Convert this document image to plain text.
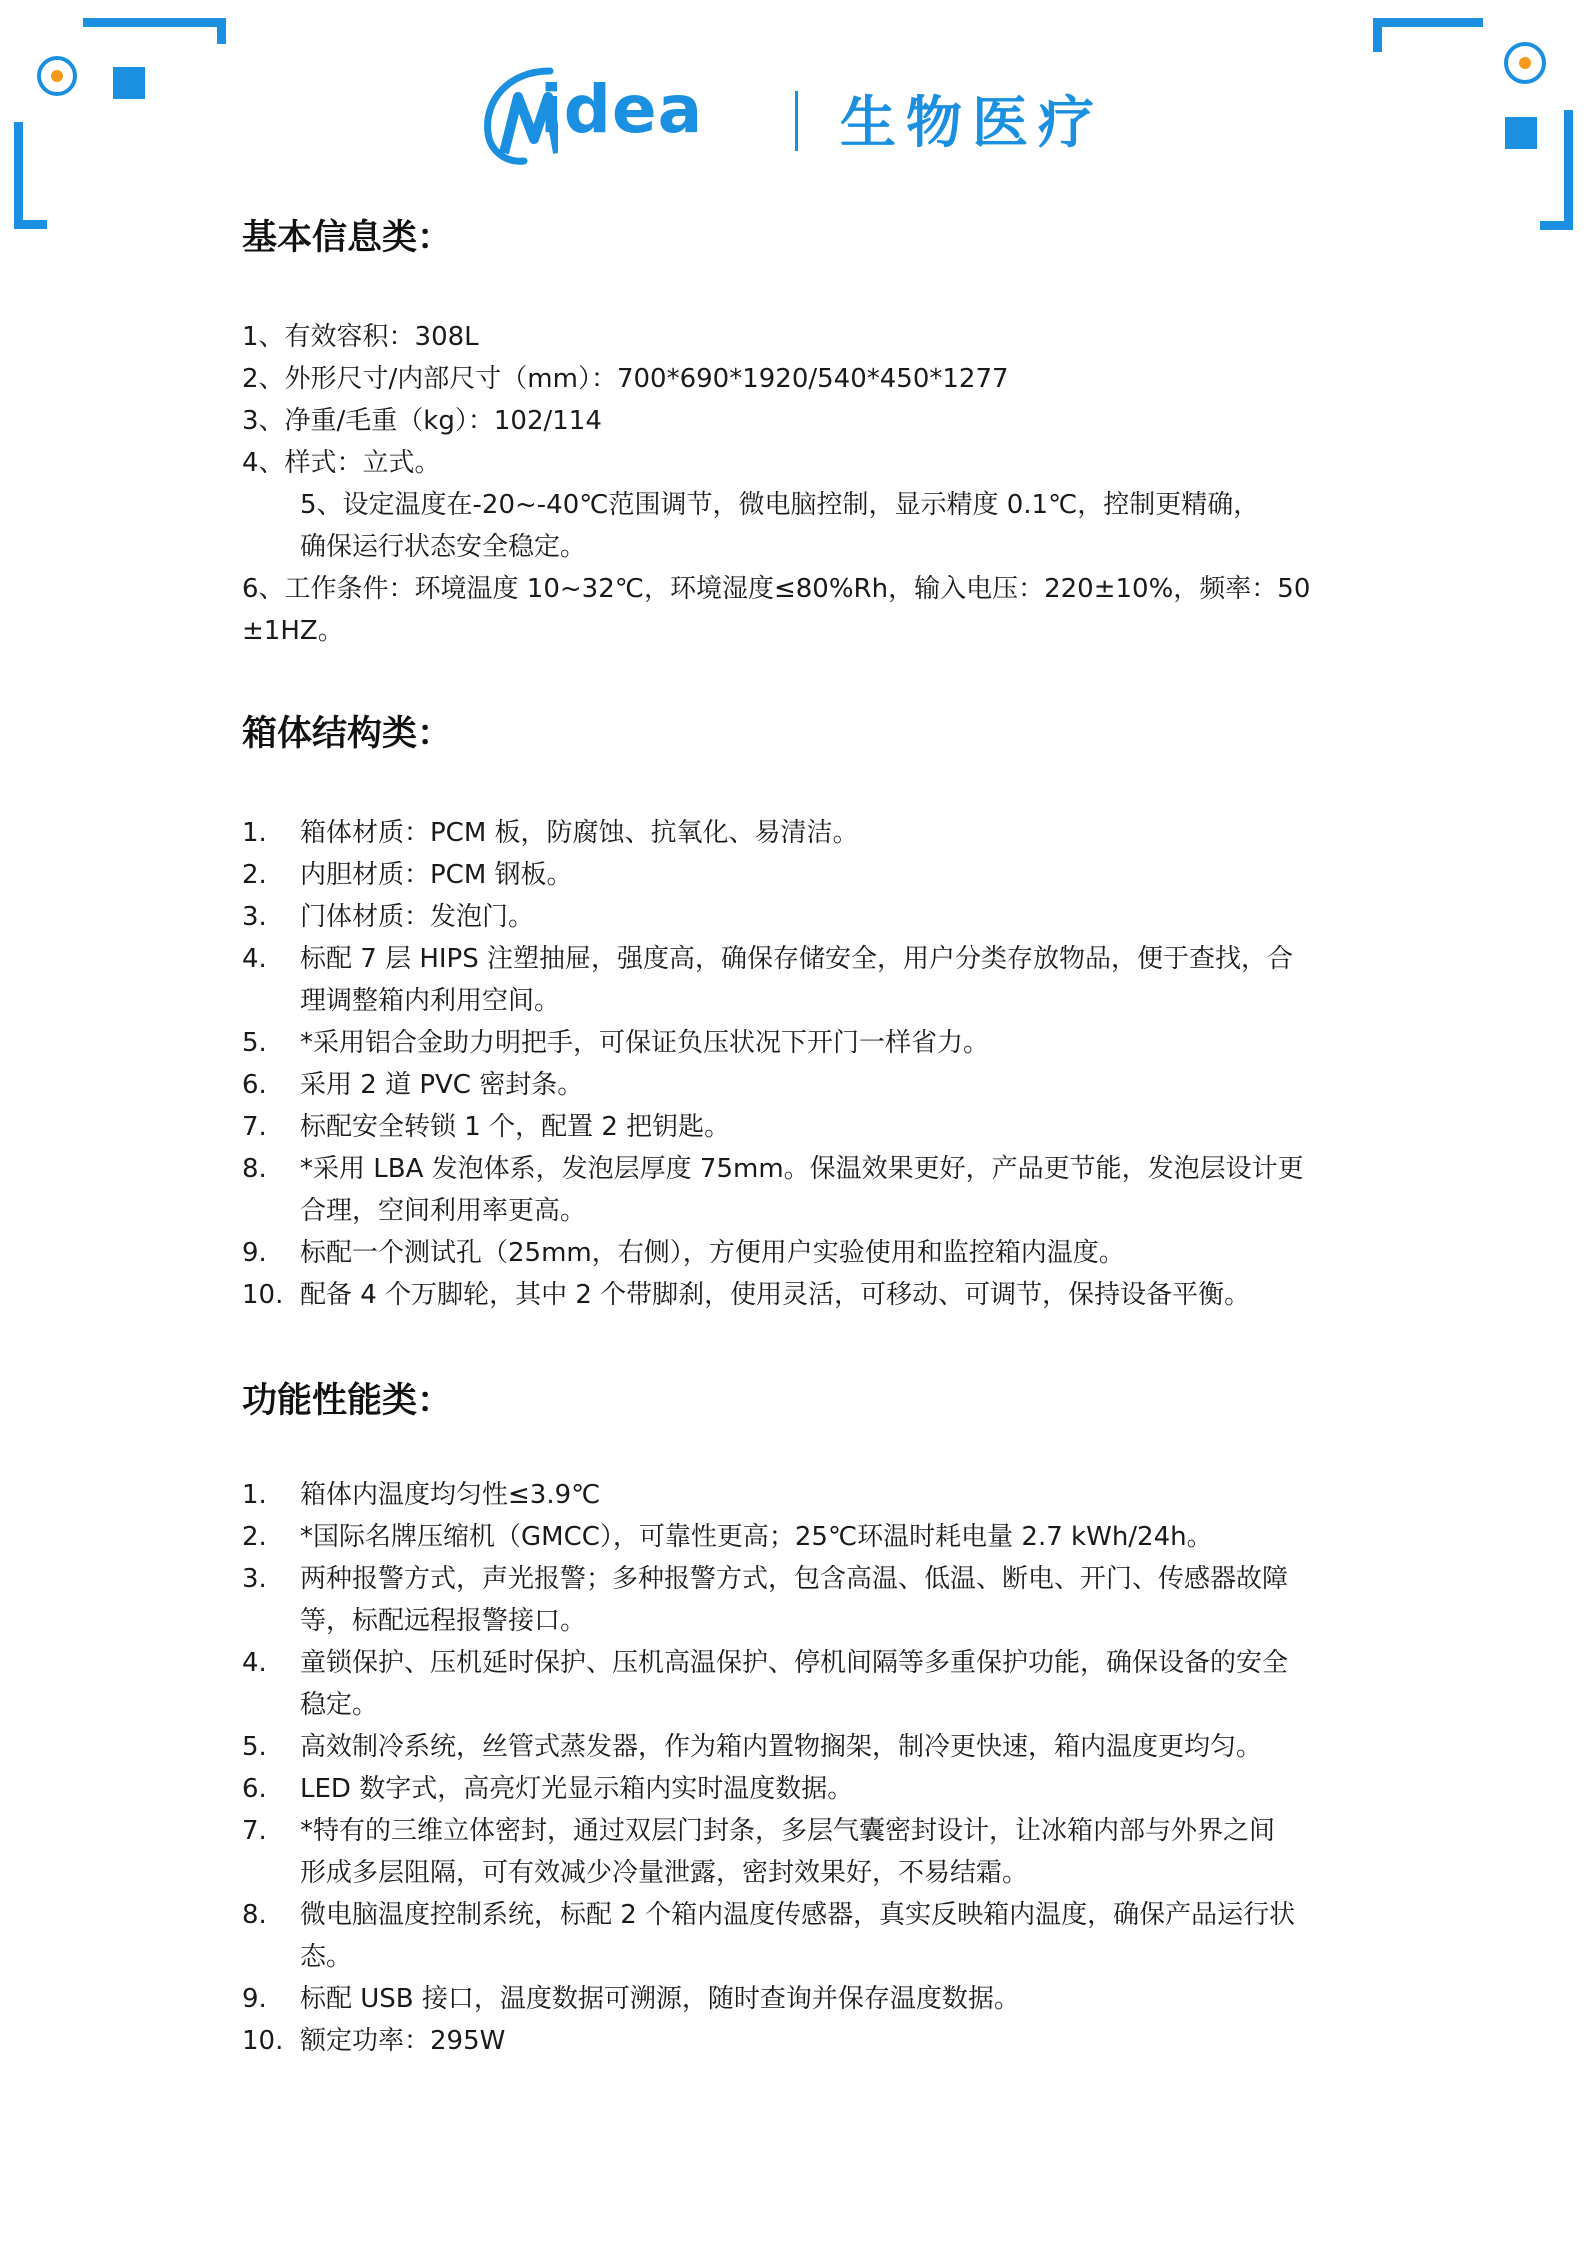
idea 生物医疗
基本信息类：
1、有效容积：308L
2、外形尺寸/内部尺寸（mm）：700*690*1920/540*450*1277
3、净重/毛重（kg）：102/114
4、样式：立式。
5、设定温度在-20~-40℃范围调节，微电脑控制，显示精度 0.1℃，控制更精确，
确保运行状态安全稳定。
6、工作条件：环境温度 10~32℃，环境湿度≤80%Rh，输入电压：220±10%，频率：50
±1HZ。
箱体结构类：
1.	箱体材质：PCM 板，防腐蚀、抗氧化、易清洁。
2.	内胆材质：PCM 钢板。
3.	门体材质：发泡门。
4.	标配 7 层 HIPS 注塑抽屉，强度高，确保存储安全，用户分类存放物品，便于查找，合
理调整箱内利用空间。
5.	*采用铝合金助力明把手，可保证负压状况下开门一样省力。
6.	采用 2 道 PVC 密封条。
7.	标配安全转锁 1 个，配置 2 把钥匙。
8.	*采用 LBA 发泡体系，发泡层厚度 75mm。保温效果更好，产品更节能，发泡层设计更
合理，空间利用率更高。
9.	标配一个测试孔（25mm，右侧），方便用户实验使用和监控箱内温度。
10. 配备 4 个万脚轮，其中 2 个带脚刹，使用灵活，可移动、可调节，保持设备平衡。
功能性能类：
1.	箱体内温度均匀性≤3.9℃
2.	*国际名牌压缩机（GMCC），可靠性更高；25℃环温时耗电量 2.7 kWh/24h。
3.	两种报警方式，声光报警；多种报警方式，包含高温、低温、断电、开门、传感器故障
等，标配远程报警接口。
4.	童锁保护、压机延时保护、压机高温保护、停机间隔等多重保护功能，确保设备的安全
稳定。
5.	高效制冷系统，丝管式蒸发器，作为箱内置物搁架，制冷更快速，箱内温度更均匀。
6.	LED 数字式，高亮灯光显示箱内实时温度数据。
7.	*特有的三维立体密封，通过双层门封条，多层气囊密封设计，让冰箱内部与外界之间
形成多层阻隔，可有效减少冷量泄露，密封效果好，不易结霜。
8.	微电脑温度控制系统，标配 2 个箱内温度传感器，真实反映箱内温度，确保产品运行状
态。
9.	标配 USB 接口，温度数据可溯源，随时查询并保存温度数据。
10. 额定功率：295W
